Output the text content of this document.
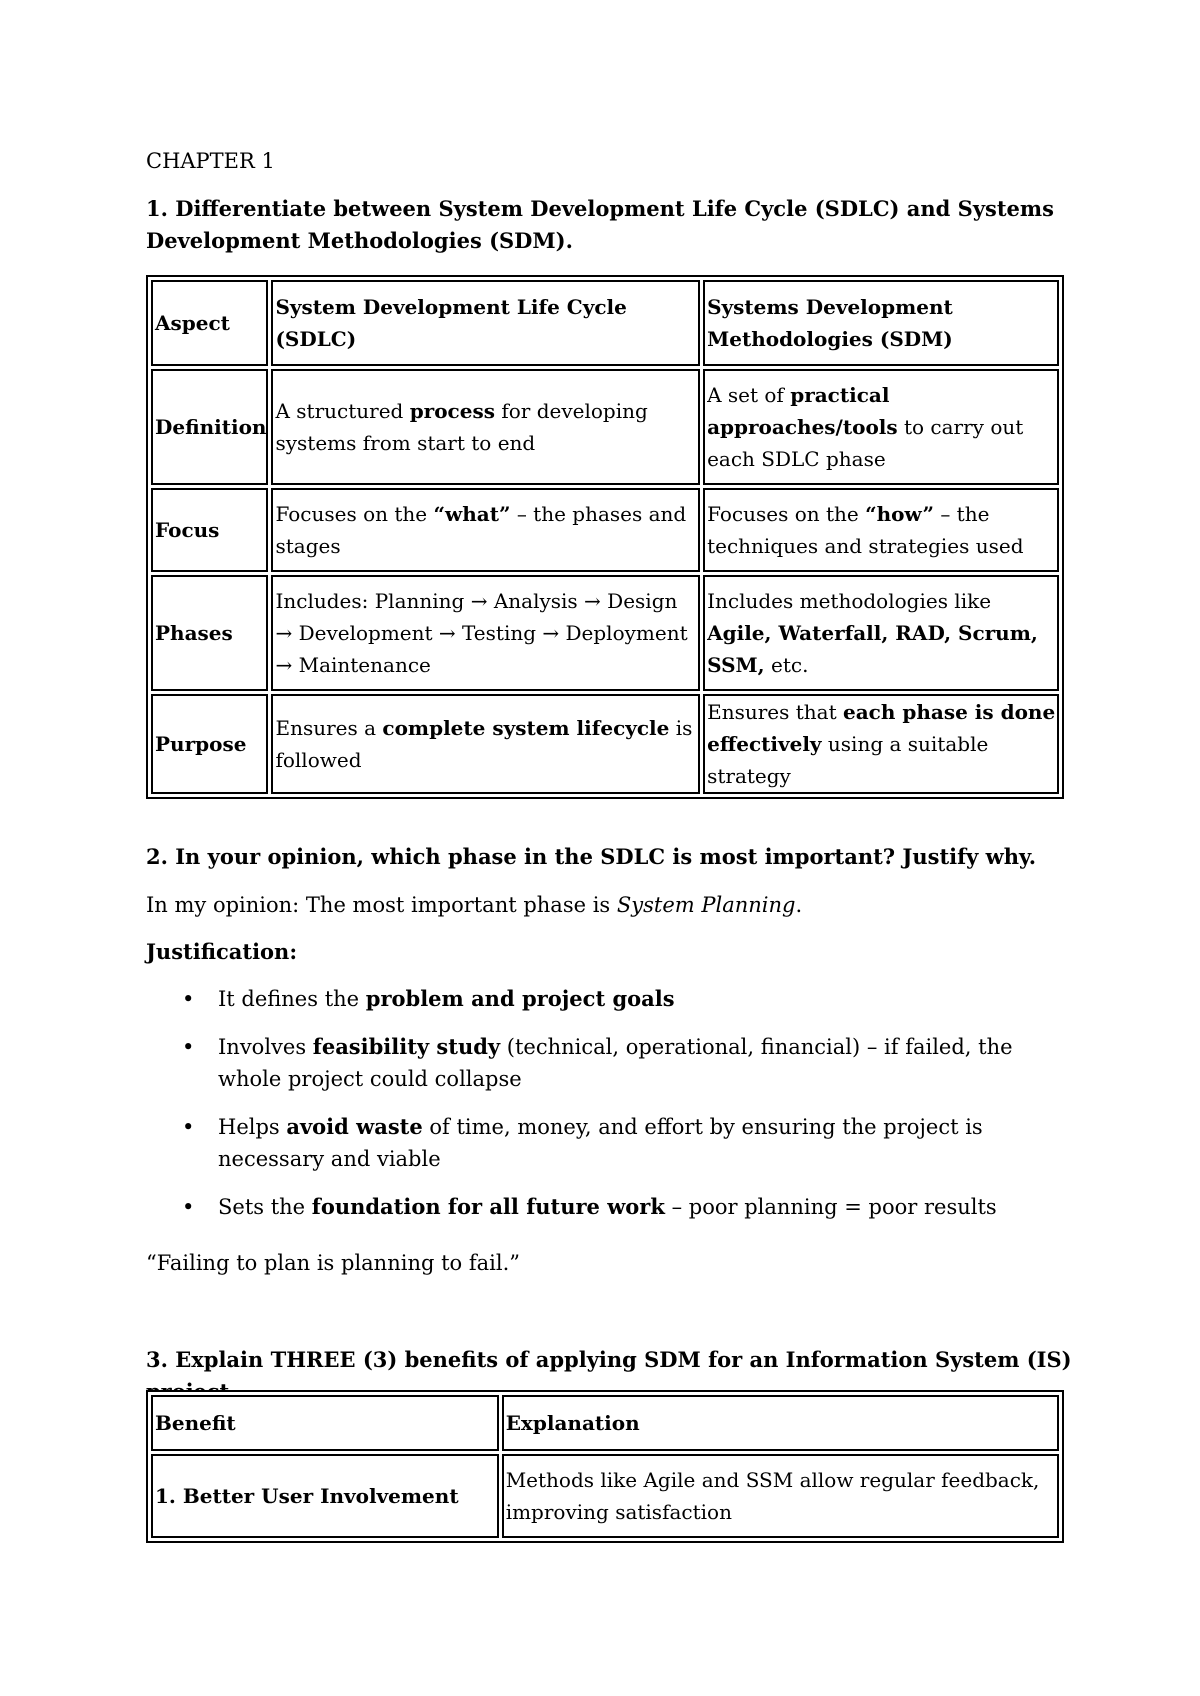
CHAPTER 1

1. Differentiate between System Development Life Cycle (SDLC) and Systems Development Methodologies (SDM).

Aspect	System Development Life Cycle (SDLC)	Systems Development Methodologies (SDM)
Definition	A structured process for developing systems from start to end	A set of practical approaches/tools to carry out each SDLC phase
Focus	Focuses on the “what” – the phases and stages	Focuses on the “how” – the techniques and strategies used
Phases	Includes: Planning → Analysis → Design → Development → Testing → Deployment → Maintenance	Includes methodologies like Agile, Waterfall, RAD, Scrum, SSM, etc.
Purpose	Ensures a complete system lifecycle is followed	Ensures that each phase is done effectively using a suitable strategy

2. In your opinion, which phase in the SDLC is most important? Justify why.

In my opinion: The most important phase is System Planning.

Justification:

• It defines the problem and project goals
• Involves feasibility study (technical, operational, financial) – if failed, the whole project could collapse
• Helps avoid waste of time, money, and effort by ensuring the project is necessary and viable
• Sets the foundation for all future work – poor planning = poor results

“Failing to plan is planning to fail.”

3. Explain THREE (3) benefits of applying SDM for an Information System (IS)

Benefit	Explanation
1. Better User Involvement	Methods like Agile and SSM allow regular feedback, improving satisfaction
